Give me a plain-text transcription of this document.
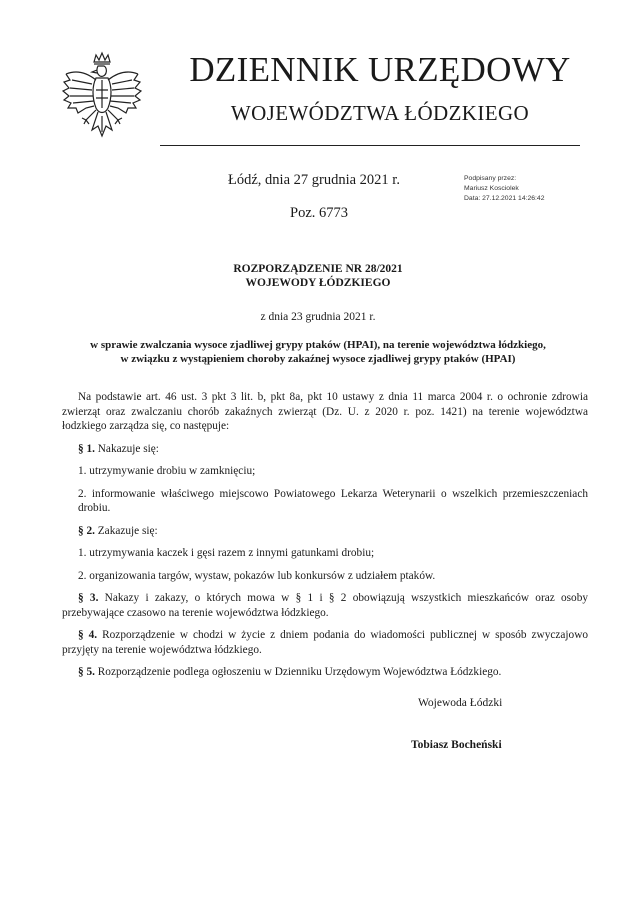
DZIENNIK URZĘDOWY
WOJEWÓDZTWA ŁÓDZKIEGO
Łódź, dnia 27 grudnia 2021 r.
Poz. 6773
Podpisany przez:
Mariusz Kosciolek
Data: 27.12.2021 14:26:42
ROZPORZĄDZENIE NR 28/2021
WOJEWODY ŁÓDZKIEGO
z dnia 23 grudnia 2021 r.
w sprawie zwalczania wysoce zjadliwej grypy ptaków (HPAI), na terenie województwa łódzkiego,
w związku z wystąpieniem choroby zakaźnej wysoce zjadliwej grypy ptaków (HPAI)

Na podstawie art. 46 ust. 3 pkt 3 lit. b, pkt 8a, pkt 10 ustawy z dnia 11 marca 2004 r. o ochronie zdrowia zwierząt oraz zwalczaniu chorób zakaźnych zwierząt (Dz. U. z 2020 r. poz. 1421) na terenie województwa łodzkiego zarządza się, co następuje:

§ 1. Nakazuje się:

1. utrzymywanie drobiu w zamknięciu;

2. informowanie właściwego miejscowo Powiatowego Lekarza Weterynarii o wszelkich przemieszczeniach drobiu.

§ 2. Zakazuje się:

1. utrzymywania kaczek i gęsi razem z innymi gatunkami drobiu;

2. organizowania targów, wystaw, pokazów lub konkursów z udziałem ptaków.

§ 3. Nakazy i zakazy, o których mowa w § 1 i § 2 obowiązują wszystkich mieszkańców oraz osoby przebywające czasowo na terenie województwa łódzkiego.

§ 4. Rozporządzenie w chodzi w życie z dniem podania do wiadomości publicznej w sposób zwyczajowo przyjęty na terenie województwa łódzkiego.

§ 5. Rozporządzenie podlega ogłoszeniu w Dzienniku Urzędowym Województwa Łódzkiego.

Wojewoda Łódzki
Tobiasz Bocheński
